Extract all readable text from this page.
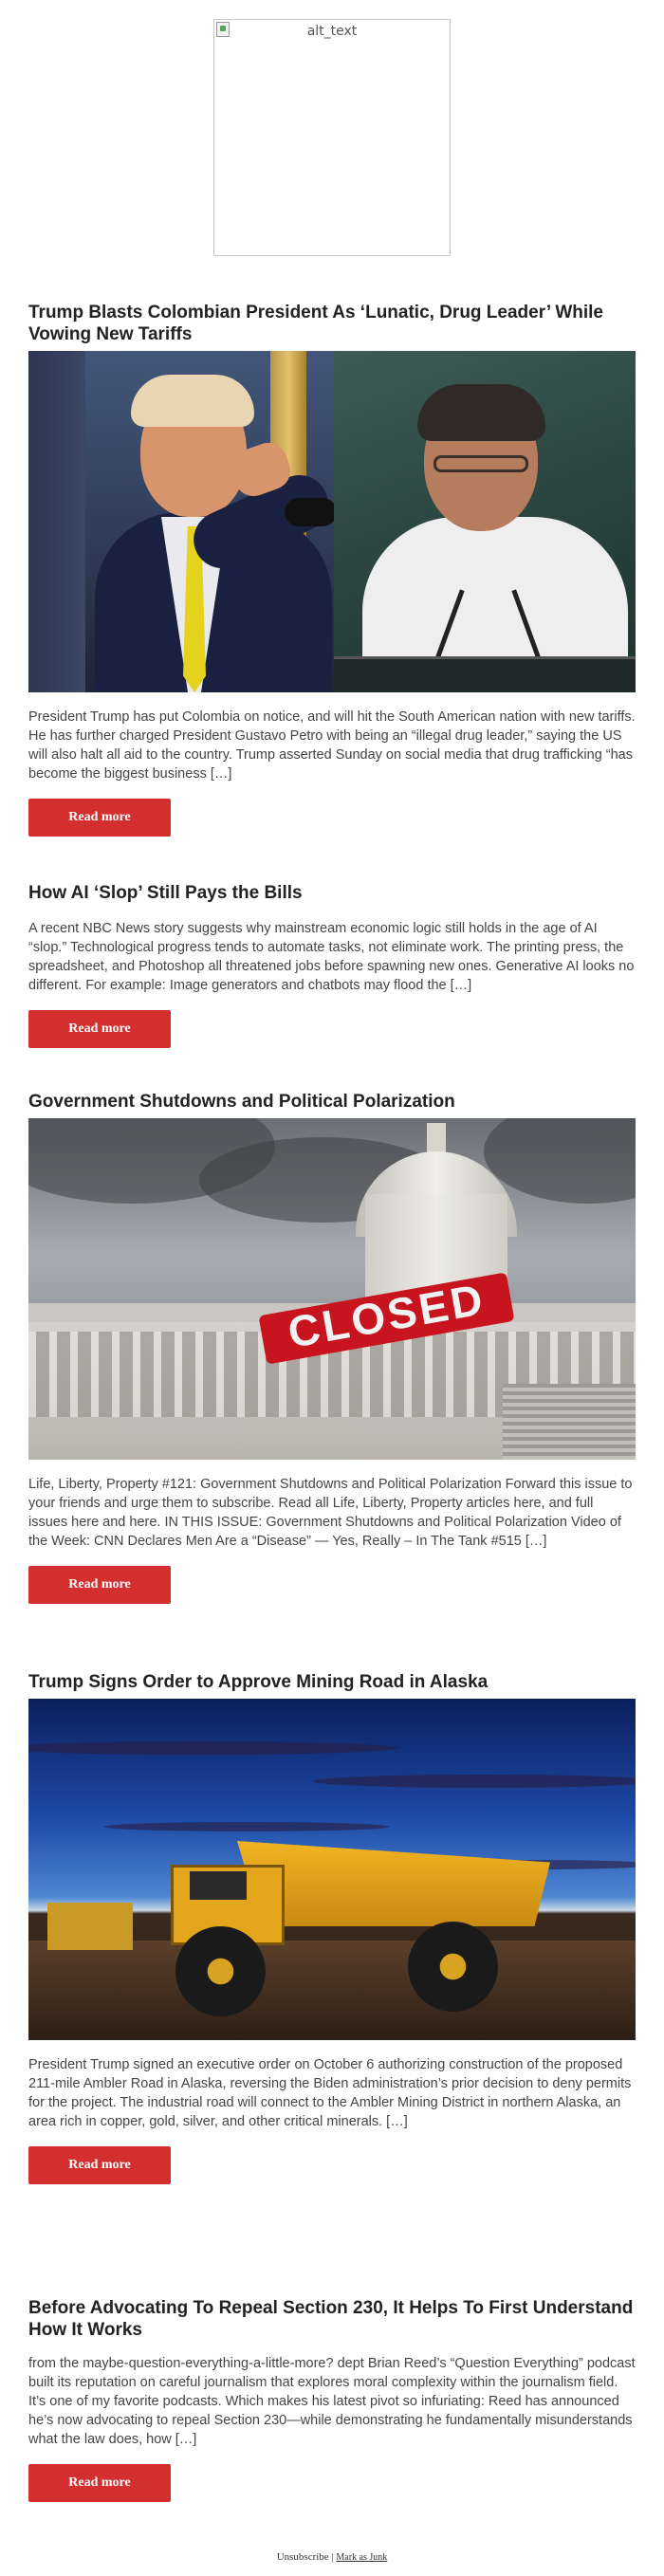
alt_text
Trump Blasts Colombian President As ‘Lunatic, Drug Leader’ While Vowing New Tariffs

President Trump has put Colombia on notice, and will hit the South American nation with new tariffs. He has further charged President Gustavo Petro with being an “illegal drug leader,” saying the US will also halt all aid to the country. Trump asserted Sunday on social media that drug trafficking “has become the biggest business […]

Read more
How AI ‘Slop’ Still Pays the Bills

A recent NBC News story suggests why mainstream economic logic still holds in the age of AI “slop.” Technological progress tends to automate tasks, not eliminate work. The printing press, the spreadsheet, and Photoshop all threatened jobs before spawning new ones. Generative AI looks no different. For example: Image generators and chatbots may flood the […]

Read more
Government Shutdowns and Political Polarization
CLOSED

Life, Liberty, Property #121: Government Shutdowns and Political Polarization Forward this issue to your friends and urge them to subscribe. Read all Life, Liberty, Property articles here, and full issues here and here. IN THIS ISSUE: Government Shutdowns and Political Polarization Video of the Week: CNN Declares Men Are a “Disease” — Yes, Really – In The Tank #515 […]

Read more
Trump Signs Order to Approve Mining Road in Alaska

President Trump signed an executive order on October 6 authorizing construction of the proposed 211-mile Ambler Road in Alaska, reversing the Biden administration’s prior decision to deny permits for the project. The industrial road will connect to the Ambler Mining District in northern Alaska, an area rich in copper, gold, silver, and other critical minerals. […]

Read more
Before Advocating To Repeal Section 230, It Helps To First Understand How It Works

from the maybe-question-everything-a-little-more? dept Brian Reed’s “Question Everything” podcast built its reputation on careful journalism that explores moral complexity within the journalism field. It’s one of my favorite podcasts. Which makes his latest pivot so infuriating: Reed has announced he’s now advocating to repeal Section 230—while demonstrating he fundamentally misunderstands what the law does, how […]

Read more
Unsubscribe | Mark as Junk
